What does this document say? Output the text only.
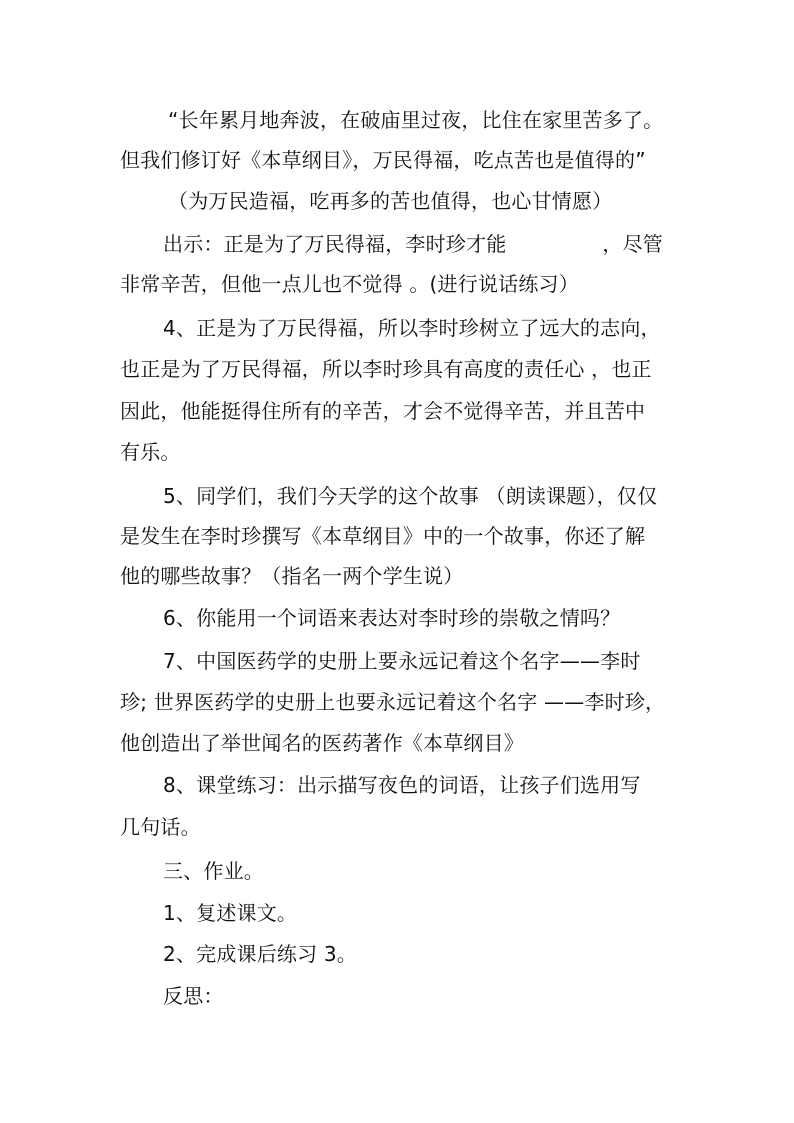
“长年累月地奔波，在破庙里过夜，比住在家里苦多了。
但我们修订好《本草纲目》，万民得福，吃点苦也是值得的”
（为万民造福，吃再多的苦也值得，也心甘情愿）
出示：正是为了万民得福，李时珍才能	，尽管
非常辛苦，但他一点儿也不觉得 。(进行说话练习）
4、正是为了万民得福，所以李时珍树立了远大的志向，
也正是为了万民得福，所以李时珍具有高度的责任心 ，也正
因此，他能挺得住所有的辛苦，才会不觉得辛苦，并且苦中
有乐。
5、同学们，我们今天学的这个故事 （朗读课题），仅仅
是发生在李时珍撰写《本草纲目》中的一个故事，你还了解
他的哪些故事？（指名一两个学生说）
6、你能用一个词语来表达对李时珍的崇敬之情吗？
7、中国医药学的史册上要永远记着这个名字——李时
珍; 世界医药学的史册上也要永远记着这个名字 ——李时珍，
他创造出了举世闻名的医药著作《本草纲目》
8、课堂练习：出示描写夜色的词语，让孩子们选用写
几句话。
三、作业。
1、复述课文。
2、完成课后练习 3。
反思：
